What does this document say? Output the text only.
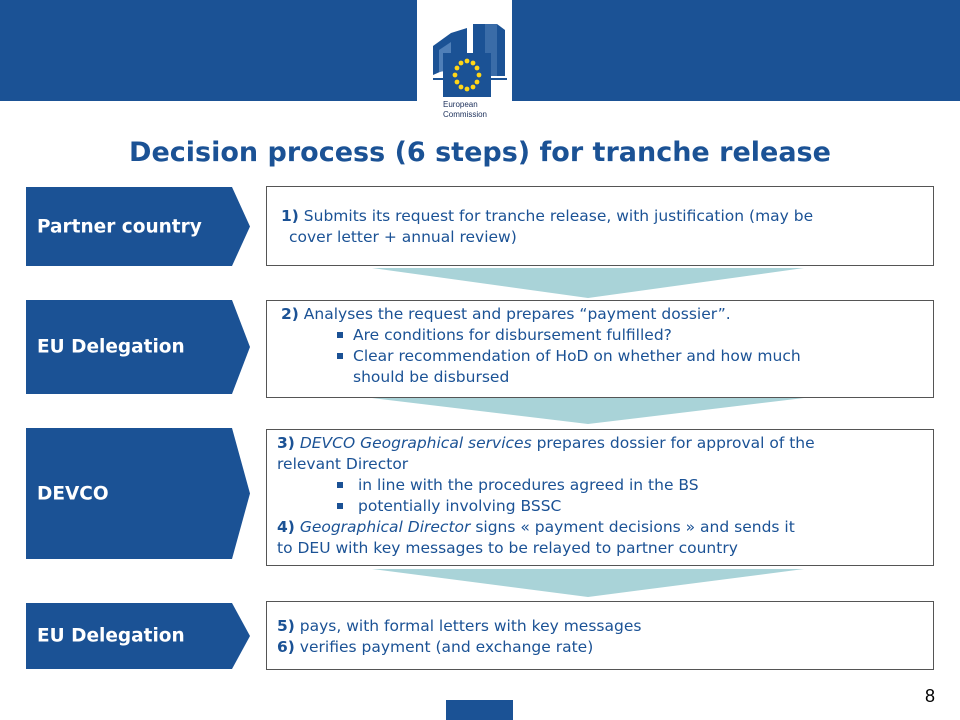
European
Commission
Decision process (6 steps) for tranche release
Partner country
EU Delegation
DEVCO
EU Delegation
1) Submits its request for tranche release, with justification (may be
cover letter + annual review)
2) Analyses the request and prepares “payment dossier”.
Are conditions for disbursement fulfilled?
Clear recommendation of HoD on whether and how much
should be disbursed
3) DEVCO Geographical services prepares dossier for approval of the
relevant Director
in line with the procedures agreed in the BS
potentially involving BSSC
4) Geographical Director signs « payment decisions » and sends it
to DEU with key messages to be relayed to partner country
5) pays, with formal letters with key messages
6) verifies payment (and exchange rate)
8
